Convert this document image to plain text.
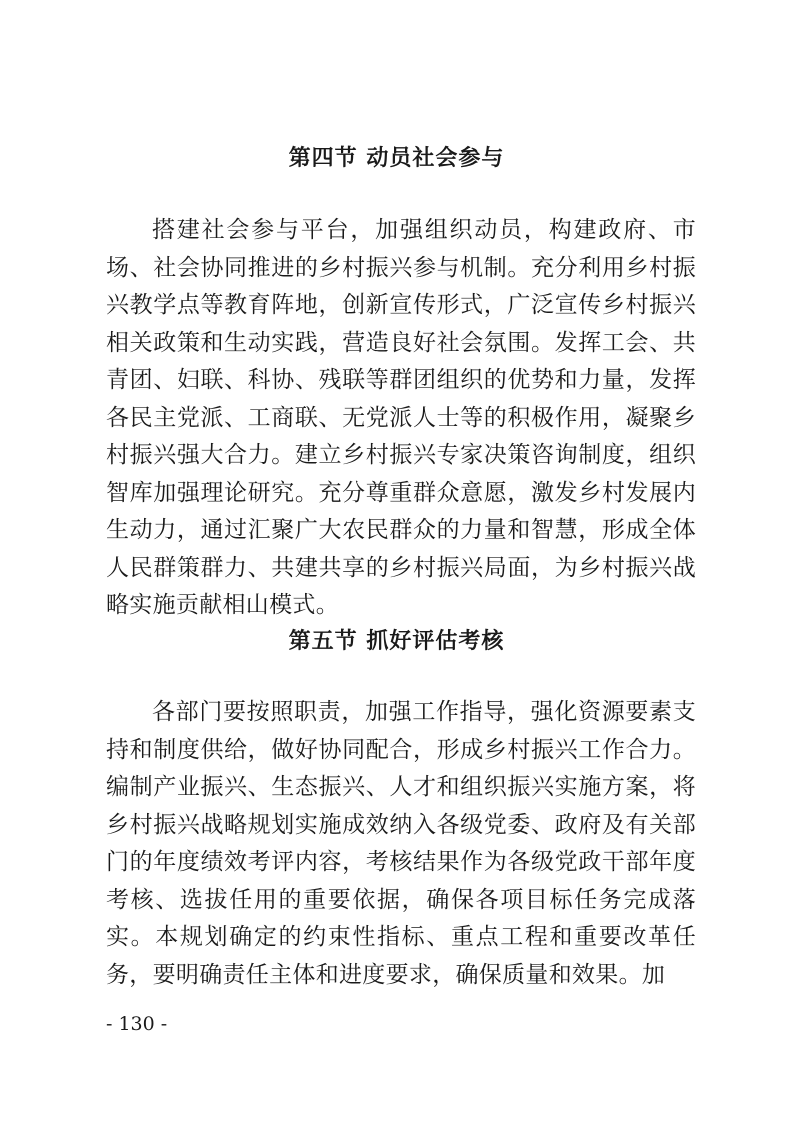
第四节 动员社会参与

搭建社会参与平台，加强组织动员，构建政府、市场、社会协同推进的乡村振兴参与机制。充分利用乡村振兴教学点等教育阵地，创新宣传形式，广泛宣传乡村振兴相关政策和生动实践，营造良好社会氛围。发挥工会、共青团、妇联、科协、残联等群团组织的优势和力量，发挥各民主党派、工商联、无党派人士等的积极作用，凝聚乡村振兴强大合力。建立乡村振兴专家决策咨询制度，组织智库加强理论研究。充分尊重群众意愿，激发乡村发展内生动力，通过汇聚广大农民群众的力量和智慧，形成全体人民群策群力、共建共享的乡村振兴局面，为乡村振兴战略实施贡献相山模式。

第五节 抓好评估考核

各部门要按照职责，加强工作指导，强化资源要素支持和制度供给，做好协同配合，形成乡村振兴工作合力。编制产业振兴、生态振兴、人才和组织振兴实施方案，将乡村振兴战略规划实施成效纳入各级党委、政府及有关部门的年度绩效考评内容，考核结果作为各级党政干部年度考核、选拔任用的重要依据，确保各项目标任务完成落实。本规划确定的约束性指标、重点工程和重要改革任务，要明确责任主体和进度要求，确保质量和效果。加

- 130 -
